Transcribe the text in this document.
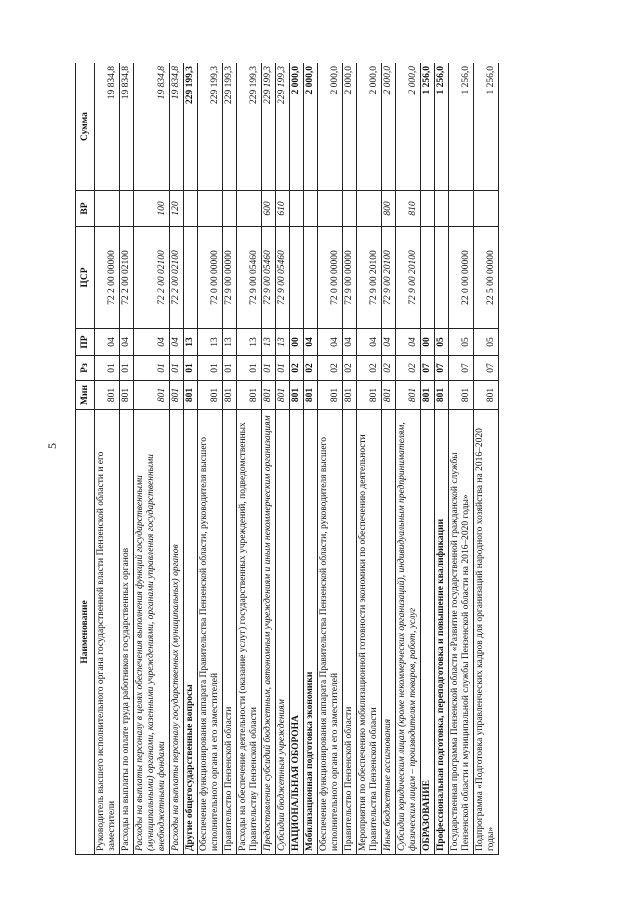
5
Наименование	Мин	Рз	ПР	ЦСР	ВР	Сумма
Руководитель высшего исполнительного органа государственной власти Пензенской области и его заместители	801	01	04	72 2 00 00000		19 834,8
Расходы на выплаты по оплате труда работников государственных органов	801	01	04	72 2 00 02100		19 834,8
Расходы на выплаты персоналу в целях обеспечения выполнения функций государственными (муниципальными) органами, казенными учреждениями, органами управления государственными внебюджетными фондами	801	01	04	72 2 00 02100	100	19 834,8
Расходы на выплаты персоналу государственных (муниципальных) органов	801	01	04	72 2 00 02100	120	19 834,8
Другие общегосударственные вопросы	801	01	13			229 199,3
Обеспечение функционирования аппарата Правительства Пензенской области, руководителя высшего исполнительного органа и его заместителей	801	01	13	72 0 00 00000		229 199,3
Правительство Пензенской области	801	01	13	72 9 00 00000		229 199,3
Расходы на обеспечение деятельности (оказание услуг) государственных учреждений, подведомственных Правительству Пензенской области	801	01	13	72 9 00 05460		229 199,3
Предоставление субсидий бюджетным, автономным учреждениям и иным некоммерческим организациям	801	01	13	72 9 00 05460	600	229 199,3
Субсидии бюджетным учреждениям	801	01	13	72 9 00 05460	610	229 199,3
НАЦИОНАЛЬНАЯ ОБОРОНА	801	02	00			2 000,0
Мобилизационная подготовка экономики	801	02	04			2 000,0
Обеспечение функционирования аппарата Правительства Пензенской области, руководителя высшего исполнительного органа и его заместителей	801	02	04	72 0 00 00000		2 000,0
Правительство Пензенской области	801	02	04	72 9 00 00000		2 000,0
Мероприятия по обеспечению мобилизационной готовности экономики по обеспечению деятельности Правительства Пензенской области	801	02	04	72 9 00 20100		2 000,0
Иные бюджетные ассигнования	801	02	04	72 9 00 20100	800	2 000,0
Субсидии юридическим лицам (кроме некоммерческих организаций), индивидуальным предпринимателям, физическим лицам – производителям товаров, работ, услуг	801	02	04	72 9 00 20100	810	2 000,0
ОБРАЗОВАНИЕ	801	07	00			1 256,0
Профессиональная подготовка, переподготовка и повышение квалификации	801	07	05			1 256,0
Государственная программа Пензенской области «Развитие государственной гражданской службы Пензенской области и муниципальной службы Пензенской области на 2016–2020 годы»	801	07	05	22 0 00 00000		1 256,0
Подпрограмма «Подготовка управленческих кадров для организаций народного хозяйства на 2016–2020 годы»	801	07	05	22 5 00 00000		1 256,0
